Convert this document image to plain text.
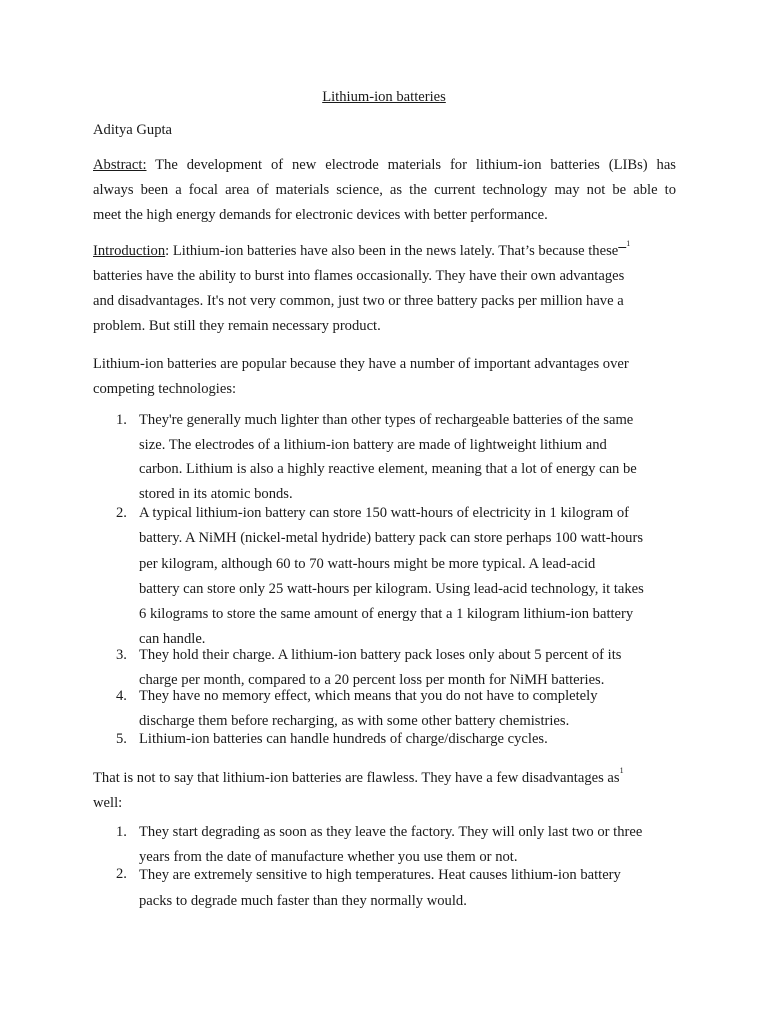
Lithium-ion batteries
Aditya Gupta
Abstract: The development of new electrode materials for lithium-ion batteries (LIBs) has
always been a focal area of materials science, as the current technology may not be able to
meet the high energy demands for electronic devices with better performance.
Introduction: Lithium-ion batteries have also been in the news lately. That’s because these $^1$
batteries have the ability to burst into flames occasionally. They have their own advantages
and disadvantages. It's not very common, just two or three battery packs per million have a
problem. But still they remain necessary product.
Lithium-ion batteries are popular because they have a number of important advantages over
competing technologies:
1. They're generally much lighter than other types of rechargeable batteries of the same
size. The electrodes of a lithium-ion battery are made of lightweight lithium and
carbon. Lithium is also a highly reactive element, meaning that a lot of energy can be
stored in its atomic bonds.
2. A typical lithium-ion battery can store 150 watt-hours of electricity in 1 kilogram of
battery. A NiMH (nickel-metal hydride) battery pack can store perhaps 100 watt-hours
per kilogram, although 60 to 70 watt-hours might be more typical. A lead-acid
battery can store only 25 watt-hours per kilogram. Using lead-acid technology, it takes
6 kilograms to store the same amount of energy that a 1 kilogram lithium-ion battery
can handle.
3. They hold their charge. A lithium-ion battery pack loses only about 5 percent of its
charge per month, compared to a 20 percent loss per month for NiMH batteries.
4. They have no memory effect, which means that you do not have to completely
discharge them before recharging, as with some other battery chemistries.
5. Lithium-ion batteries can handle hundreds of charge/discharge cycles.
That is not to say that lithium-ion batteries are flawless. They have a few disadvantages $as^1$
well:
1. They start degrading as soon as they leave the factory. They will only last two or three
years from the date of manufacture whether you use them or not.
2. They are extremely sensitive to high temperatures. Heat causes lithium-ion battery
packs to degrade much faster than they normally would.
